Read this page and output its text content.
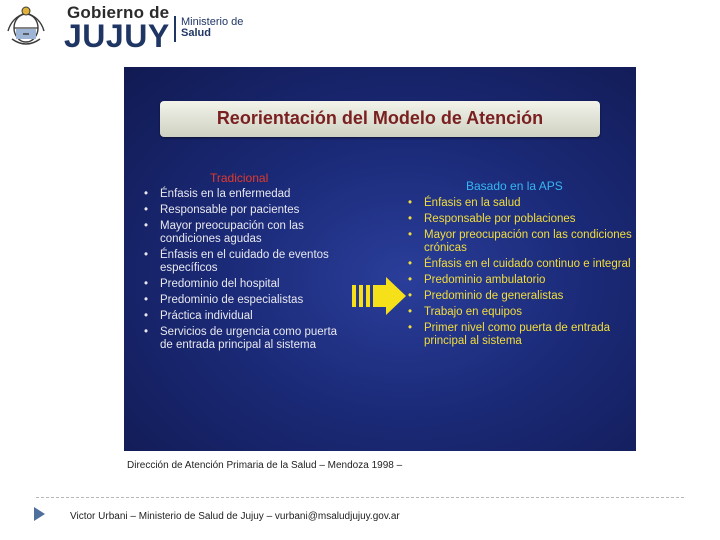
Gobierno de
JUJUY Ministerio de
Salud
Reorientación del Modelo de Atención
Tradicional
• Énfasis en la enfermedad
• Responsable por pacientes
• Mayor preocupación con las condiciones agudas
• Énfasis en el cuidado de eventos específicos
• Predominio del hospital
• Predominio de especialistas
• Práctica individual
• Servicios de urgencia como puerta de entrada principal al sistema
Basado en la APS
• Énfasis en la salud
• Responsable por poblaciones
• Mayor preocupación con las condiciones crónicas
• Énfasis en el cuidado continuo e integral
• Predominio ambulatorio
• Predominio de generalistas
• Trabajo en equipos
• Primer nivel como puerta de entrada principal al sistema
Dirección de Atención Primaria de la Salud – Mendoza 1998 –
Victor Urbani – Ministerio de Salud de Jujuy – vurbani@msaludjujuy.gov.ar
